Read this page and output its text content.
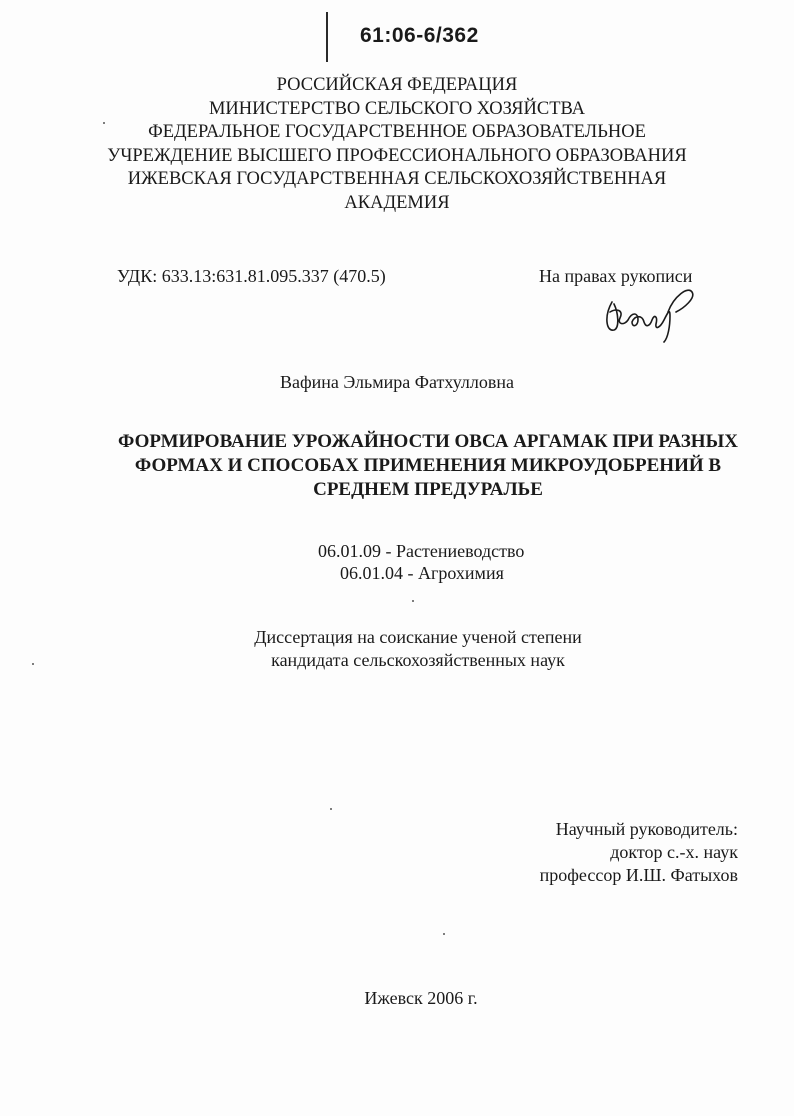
61:06-6/362
РОССИЙСКАЯ ФЕДЕРАЦИЯ
МИНИСТЕРСТВО СЕЛЬСКОГО ХОЗЯЙСТВА
ФЕДЕРАЛЬНОЕ ГОСУДАРСТВЕННОЕ ОБРАЗОВАТЕЛЬНОЕ
УЧРЕЖДЕНИЕ ВЫСШЕГО ПРОФЕССИОНАЛЬНОГО ОБРАЗОВАНИЯ
ИЖЕВСКАЯ ГОСУДАРСТВЕННАЯ СЕЛЬСКОХОЗЯЙСТВЕННАЯ
АКАДЕМИЯ
УДК: 633.13:631.81.095.337 (470.5)	На правах рукописи
Вафина Эльмира Фатхулловна
ФОРМИРОВАНИЕ УРОЖАЙНОСТИ ОВСА АРГАМАК ПРИ РАЗНЫХ
ФОРМАХ И СПОСОБАХ ПРИМЕНЕНИЯ МИКРОУДОБРЕНИЙ В
СРЕДНЕМ ПРЕДУРАЛЬЕ
06.01.09 - Растениеводство
06.01.04 - Агрохимия
Диссертация на соискание ученой степени
кандидата сельскохозяйственных наук
Научный руководитель:
доктор с.-х. наук
профессор И.Ш. Фатыхов
Ижевск 2006 г.
